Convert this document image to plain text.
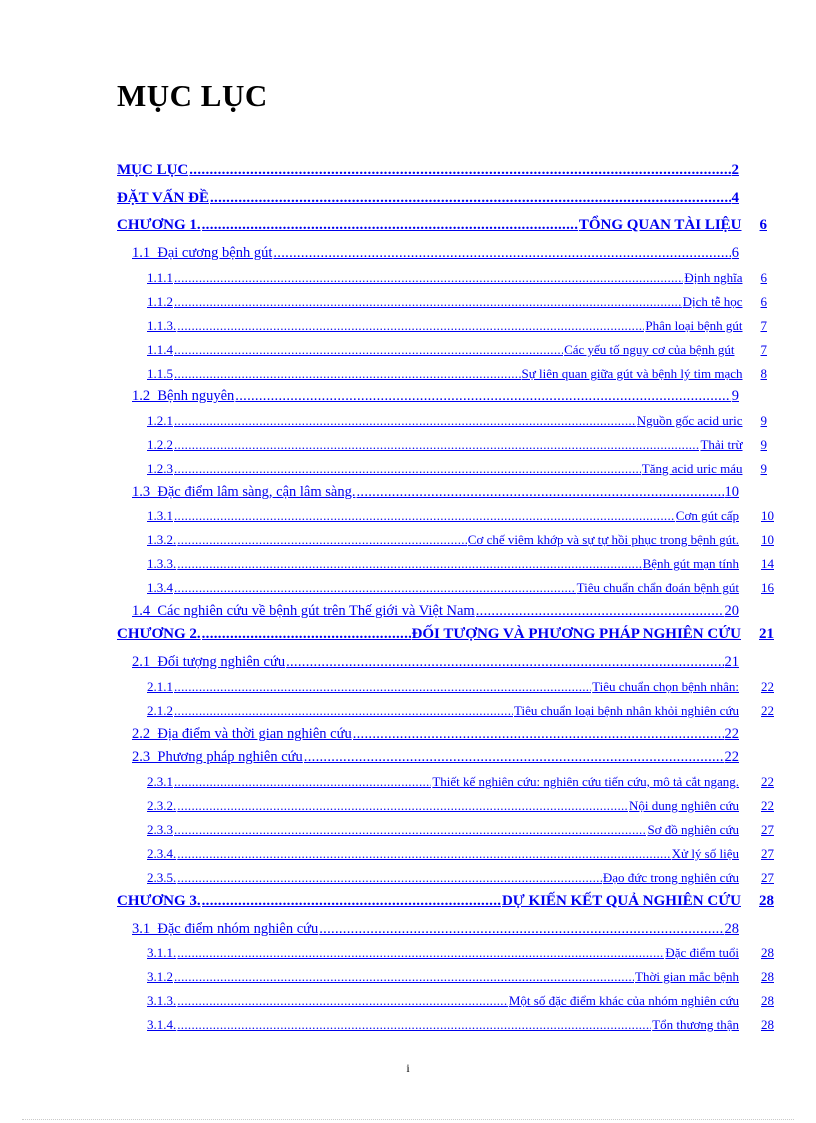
MỤC LỤC
MỤC LỤC .....	2
ĐẶT VẤN ĐỀ .....	4
CHƯƠNG 1. .....	TỔNG QUAN TÀI LIỆU 6
1.1  Đại cương bệnh gút .....	6
1.1.1 .....	Định nghĩa 6
1.1.2 .....	Dịch tễ học 6
1.1.3. .....	Phân loại bệnh gút 7
1.1.4 .....	Các yếu tố nguy cơ của bệnh gút 7
1.1.5 .....	Sự liên quan giữa gút và bệnh lý tim mạch 8
1.2  Bệnh nguyên .....	9
1.2.1 .....	Nguồn gốc acid uric 9
1.2.2 .....	Thải trừ 9
1.2.3 .....	Tăng acid uric máu 9
1.3  Đặc điểm lâm sàng, cận lâm sàng. .....	10
1.3.1 .....	Cơn gút cấp 10
1.3.2. .....	Cơ chế viêm khớp và sự tự hồi phục trong bệnh gút. 10
1.3.3. .....	Bệnh gút mạn tính 14
1.3.4 .....	Tiêu chuẩn chẩn đoán bệnh gút 16
1.4  Các nghiên cứu về bệnh gút trên Thế giới và Việt Nam .....	20
CHƯƠNG 2. .....	ĐỐI TƯỢNG VÀ PHƯƠNG PHÁP NGHIÊN CỨU 21
2.1  Đối tượng nghiên cứu .....	21
2.1.1 .....	Tiêu chuẩn chọn bệnh nhân: 22
2.1.2 .....	Tiêu chuẩn loại bệnh nhân khỏi nghiên cứu 22
2.2  Địa điểm và thời gian nghiên cứu .....	22
2.3  Phương pháp nghiên cứu .....	22
2.3.1 .....	Thiết kế nghiên cứu: nghiên cứu tiến cứu, mô tả cắt ngang. 22
2.3.2. .....	Nội dung nghiên cứu 22
2.3.3 .....	Sơ đồ nghiên cứu 27
2.3.4. .....	Xử lý số liệu 27
2.3.5. .....	Đạo đức trong nghiên cứu 27
CHƯƠNG 3. .....	DỰ KIẾN KẾT QUẢ NGHIÊN CỨU 28
3.1  Đặc điểm nhóm nghiên cứu .....	28
3.1.1. .....	Đặc điểm tuổi 28
3.1.2 .....	Thời gian mắc bệnh 28
3.1.3. .....	Một số đặc điểm khác của nhóm nghiên cứu 28
3.1.4. .....	Tổn thương thận 28
i
